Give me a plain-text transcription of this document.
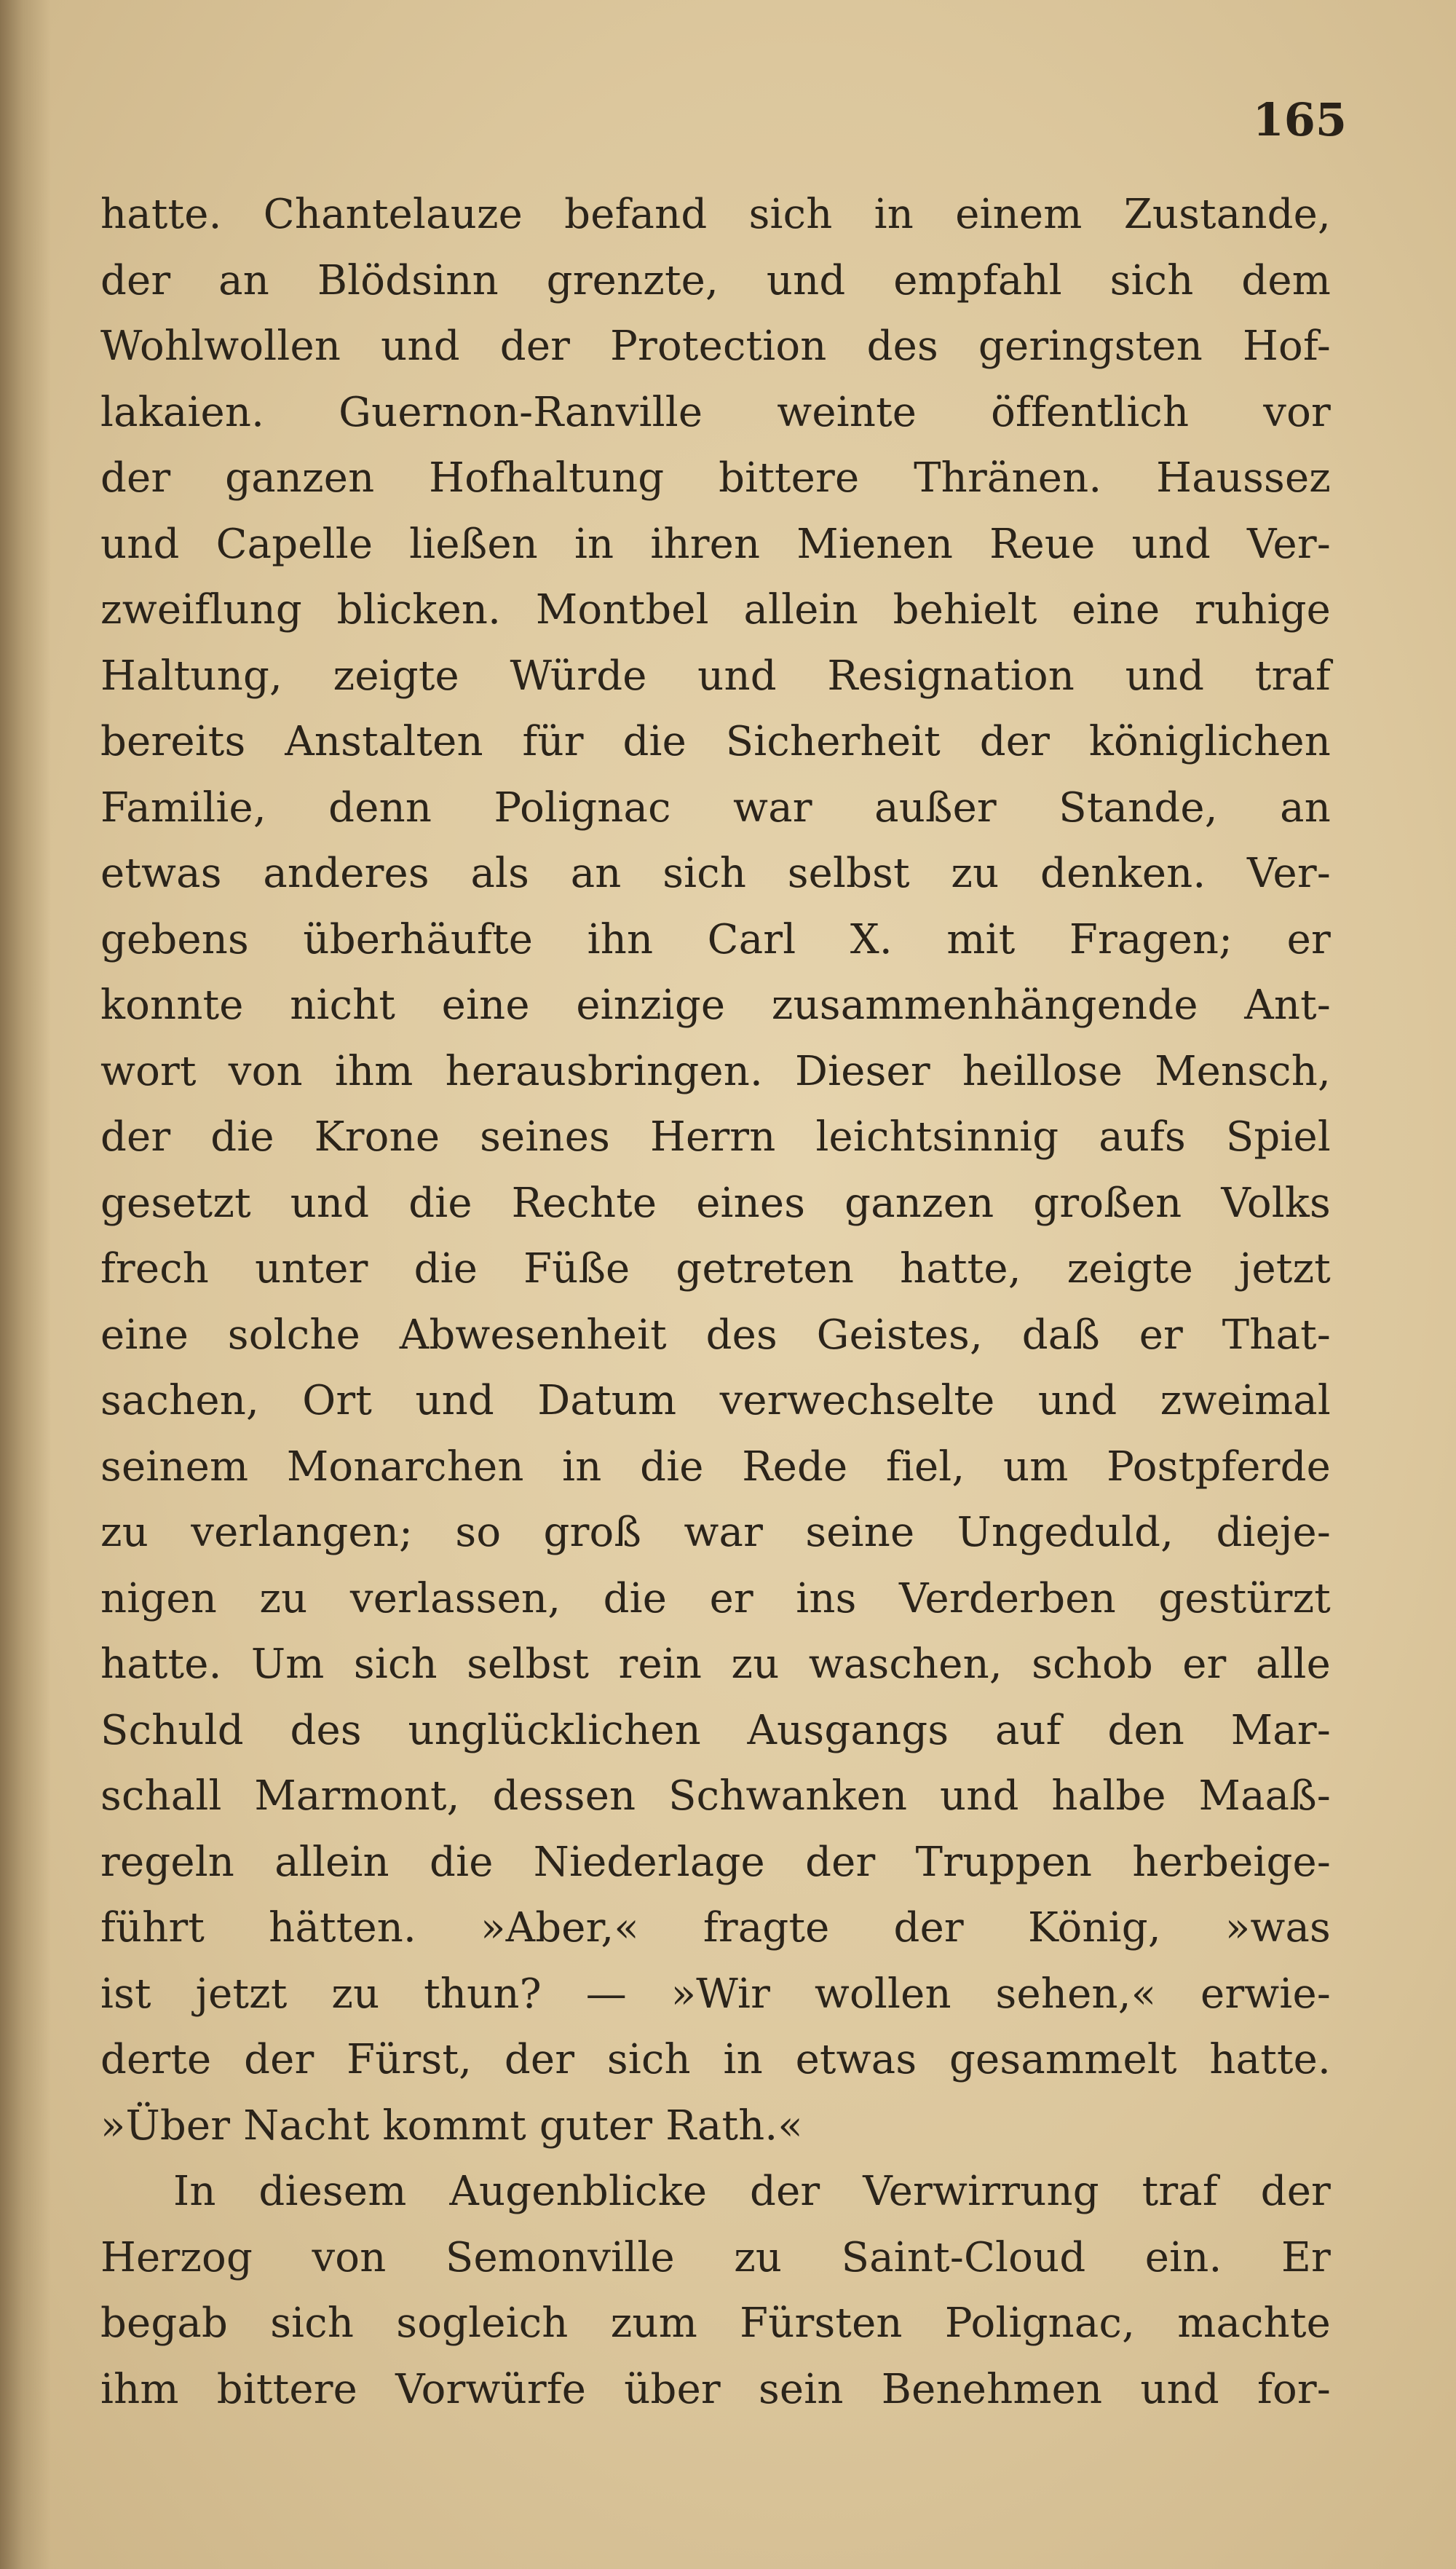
165

hatte. Chantelauze befand sich in einem Zustande,
der an Blödsinn grenzte, und empfahl sich dem
Wohlwollen und der Protection des geringsten Hof-
lakaien. Guernon-Ranville weinte öffentlich vor
der ganzen Hofhaltung bittere Thränen. Haussez
und Capelle ließen in ihren Mienen Reue und Ver-
zweiflung blicken. Montbel allein behielt eine ruhige
Haltung, zeigte Würde und Resignation und traf
bereits Anstalten für die Sicherheit der königlichen
Familie, denn Polignac war außer Stande, an
etwas anderes als an sich selbst zu denken. Ver-
gebens überhäufte ihn Carl X. mit Fragen; er
konnte nicht eine einzige zusammenhängende Ant-
wort von ihm herausbringen. Dieser heillose Mensch,
der die Krone seines Herrn leichtsinnig aufs Spiel
gesetzt und die Rechte eines ganzen großen Volks
frech unter die Füße getreten hatte, zeigte jetzt
eine solche Abwesenheit des Geistes, daß er That-
sachen, Ort und Datum verwechselte und zweimal
seinem Monarchen in die Rede fiel, um Postpferde
zu verlangen; so groß war seine Ungeduld, dieje-
nigen zu verlassen, die er ins Verderben gestürzt
hatte. Um sich selbst rein zu waschen, schob er alle
Schuld des unglücklichen Ausgangs auf den Mar-
schall Marmont, dessen Schwanken und halbe Maaß-
regeln allein die Niederlage der Truppen herbeige-
führt hätten. »Aber,« fragte der König, »was
ist jetzt zu thun? — »Wir wollen sehen,« erwie-
derte der Fürst, der sich in etwas gesammelt hatte.
»Über Nacht kommt guter Rath.«
In diesem Augenblicke der Verwirrung traf der
Herzog von Semonville zu Saint-Cloud ein. Er
begab sich sogleich zum Fürsten Polignac, machte
ihm bittere Vorwürfe über sein Benehmen und for-
